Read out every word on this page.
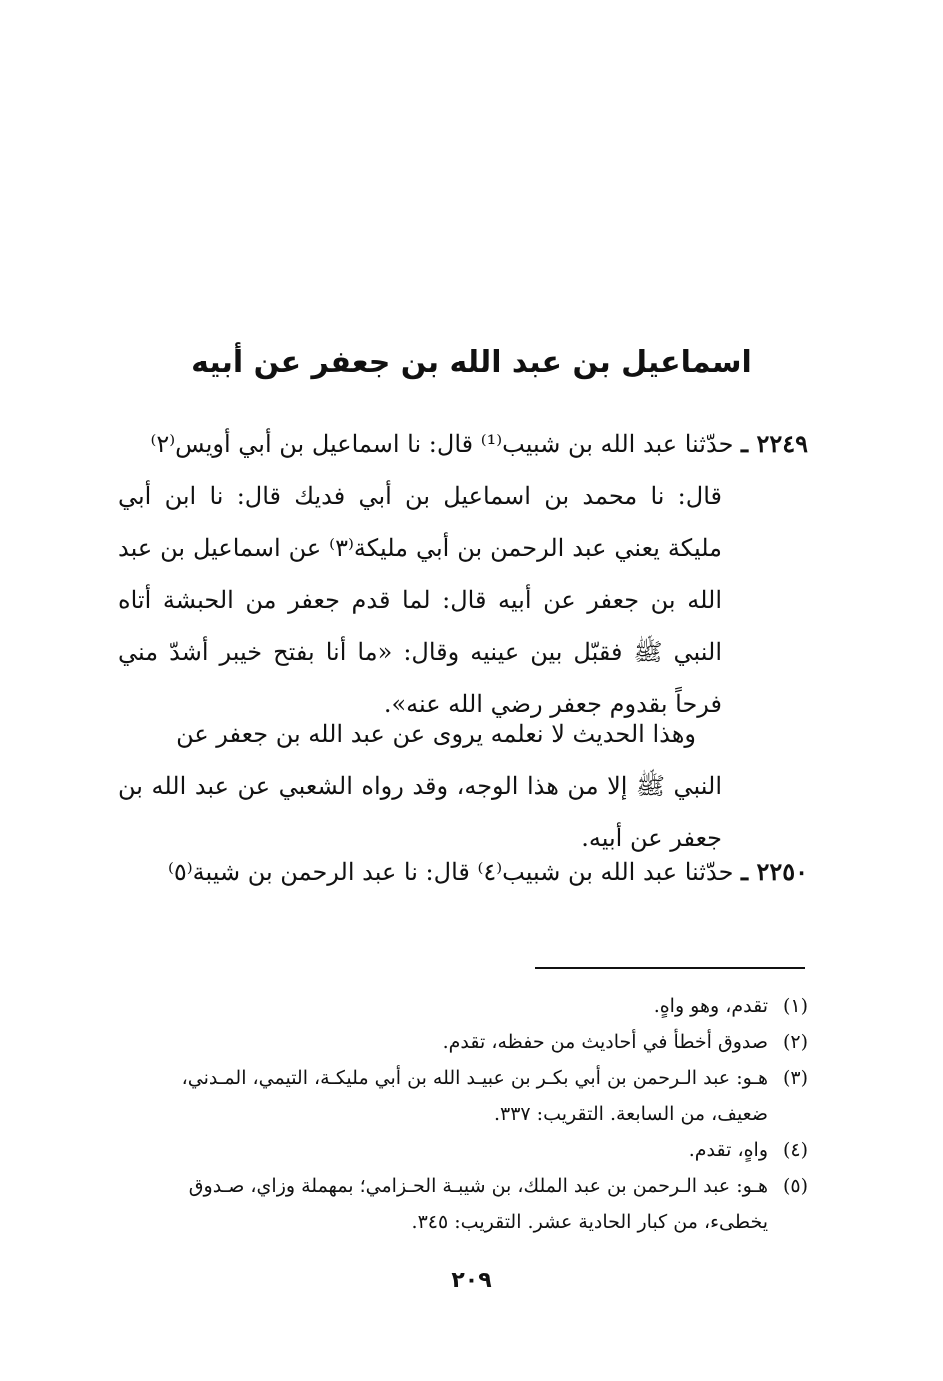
اسماعيل بن عبد الله بن جعفر عن أبيه
٢٢٤٩ ـ حدّثنا عبد الله بن شبيب⁽¹⁾ قال: نا اسماعيل بن أبي أويس⁽٢⁾
قال: نا محمد بن اسماعيل بن أبي فديك قال: نا ابن أبي مليكة يعني عبد الرحمن بن أبي مليكة⁽٣⁾ عن اسماعيل بن عبد الله بن جعفر عن أبيه قال: لما قدم جعفر من الحبشة أتاه النبي ﷺ فقبّل بين عينيه وقال: «ما أنا بفتح خيبر أشدّ مني فرحاً بقدوم جعفر رضي الله عنه».
وهذا الحديث لا نعلمه يروى عن عبد الله بن جعفر عن
النبي ﷺ إلا من هذا الوجه، وقد رواه الشعبي عن عبد الله بن جعفر عن أبيه.
٢٢٥٠ ـ حدّثنا عبد الله بن شبيب⁽٤⁾ قال: نا عبد الرحمن بن شيبة⁽٥⁾

(١)تقدم، وهو واهٍ.

(٢)صدوق أخطأ في أحاديث من حفظه، تقدم.

(٣)هـو: عبد الـرحمن بن أبي بكـر بن عبيـد الله بن أبي مليكـة، التيمي، المـدني،
ضعيف، من السابعة. التقريب: ٣٣٧.

(٤)واهٍ، تقدم.

(٥)هـو: عبد الـرحمن بن عبد الملك، بن شيبـة الحـزامي؛ بمهملة وزاي، صـدوق
يخطىء، من كبار الحادية عشر. التقريب: ٣٤٥.

٢٠٩
